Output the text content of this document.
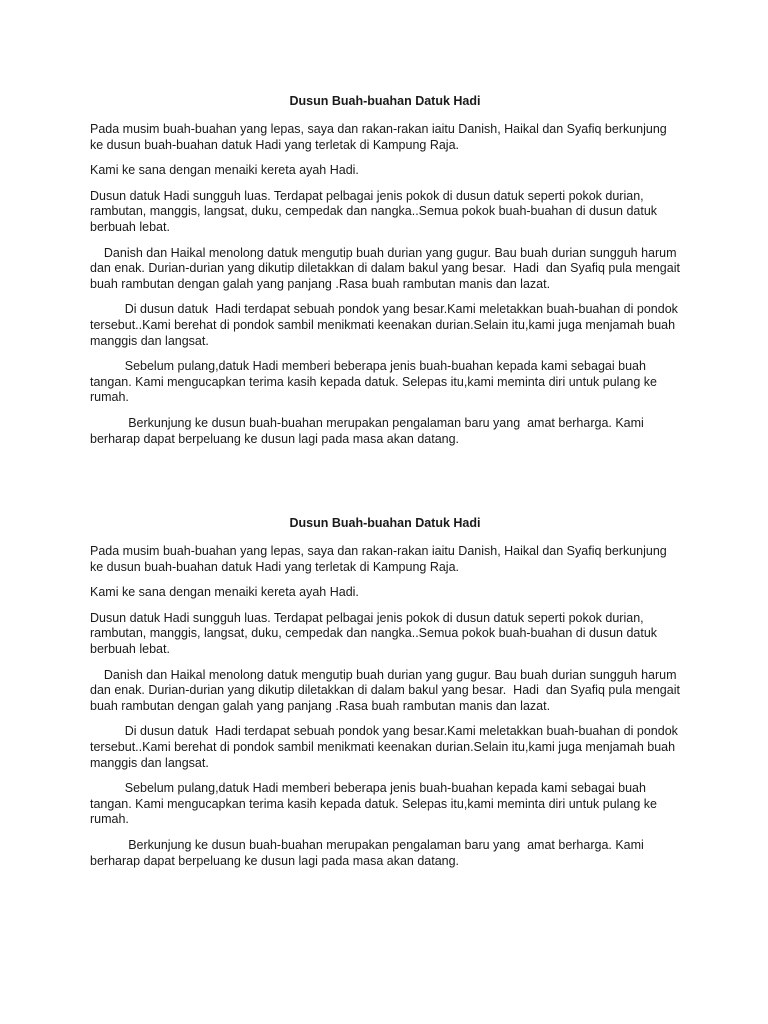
Dusun Buah-buahan Datuk Hadi
Pada musim buah-buahan yang lepas, saya dan rakan-rakan iaitu Danish, Haikal dan Syafiq berkunjung ke dusun buah-buahan datuk Hadi yang terletak di Kampung Raja.
Kami ke sana dengan menaiki kereta ayah Hadi.
Dusun datuk Hadi sungguh luas. Terdapat pelbagai jenis pokok di dusun datuk seperti pokok durian, rambutan, manggis, langsat, duku, cempedak dan nangka..Semua pokok buah-buahan di dusun datuk berbuah lebat.
Danish dan Haikal menolong datuk mengutip buah durian yang gugur. Bau buah durian sungguh harum dan enak. Durian-durian yang dikutip diletakkan di dalam bakul yang besar.  Hadi  dan Syafiq pula mengait buah rambutan dengan galah yang panjang .Rasa buah rambutan manis dan lazat.
Di dusun datuk  Hadi terdapat sebuah pondok yang besar.Kami meletakkan buah-buahan di pondok tersebut..Kami berehat di pondok sambil menikmati keenakan durian.Selain itu,kami juga menjamah buah manggis dan langsat.
Sebelum pulang,datuk Hadi memberi beberapa jenis buah-buahan kepada kami sebagai buah tangan. Kami mengucapkan terima kasih kepada datuk. Selepas itu,kami meminta diri untuk pulang ke rumah.
Berkunjung ke dusun buah-buahan merupakan pengalaman baru yang  amat berharga. Kami berharap dapat berpeluang ke dusun lagi pada masa akan datang.
Dusun Buah-buahan Datuk Hadi
Pada musim buah-buahan yang lepas, saya dan rakan-rakan iaitu Danish, Haikal dan Syafiq berkunjung ke dusun buah-buahan datuk Hadi yang terletak di Kampung Raja.
Kami ke sana dengan menaiki kereta ayah Hadi.
Dusun datuk Hadi sungguh luas. Terdapat pelbagai jenis pokok di dusun datuk seperti pokok durian, rambutan, manggis, langsat, duku, cempedak dan nangka..Semua pokok buah-buahan di dusun datuk berbuah lebat.
Danish dan Haikal menolong datuk mengutip buah durian yang gugur. Bau buah durian sungguh harum dan enak. Durian-durian yang dikutip diletakkan di dalam bakul yang besar.  Hadi  dan Syafiq pula mengait buah rambutan dengan galah yang panjang .Rasa buah rambutan manis dan lazat.
Di dusun datuk  Hadi terdapat sebuah pondok yang besar.Kami meletakkan buah-buahan di pondok tersebut..Kami berehat di pondok sambil menikmati keenakan durian.Selain itu,kami juga menjamah buah manggis dan langsat.
Sebelum pulang,datuk Hadi memberi beberapa jenis buah-buahan kepada kami sebagai buah tangan. Kami mengucapkan terima kasih kepada datuk. Selepas itu,kami meminta diri untuk pulang ke rumah.
Berkunjung ke dusun buah-buahan merupakan pengalaman baru yang  amat berharga. Kami berharap dapat berpeluang ke dusun lagi pada masa akan datang.
